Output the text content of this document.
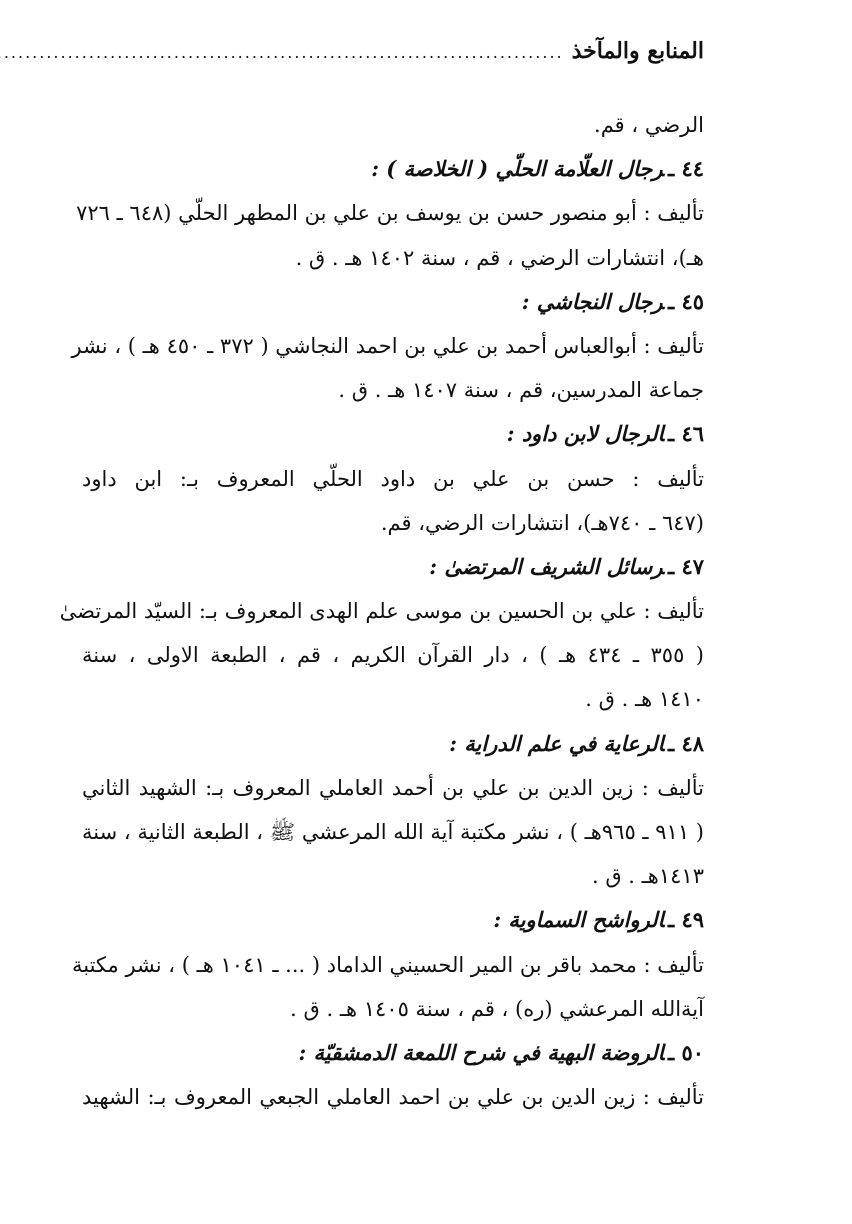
المنابع والمآخذ
.....
الرضي ، قم.
٤٤ ـرجال العلّامة الحلّي ( الخلاصة ) :
تأليف : أبو منصور حسن بن يوسف بن علي بن المطهر الحلّي (٦٤٨ ـ ٧٢٦
هـ)، انتشارات الرضي ، قم ، سنة ١٤٠٢ هـ . ق .
٤٥ ـرجال النجاشي :
تأليف : أبوالعباس أحمد بن علي بن احمد النجاشي ( ٣٧٢ ـ ٤٥٠ هـ ) ، نشر
جماعة المدرسين، قم ، سنة ١٤٠٧ هـ . ق .
٤٦ ـالرجال لابن داود :
تأليف : حسن بن علي بن داود الحلّي المعروف بـ: ابن داود
(٦٤٧ ـ ٧٤٠هـ)، انتشارات الرضي، قم.
٤٧ ـرسائل الشريف المرتضىٰ :
تأليف : علي بن الحسين بن موسى علم الهدى المعروف بـ: السيّد المرتضىٰ
( ٣٥٥ ـ ٤٣٤ هـ ) ، دار القرآن الكريم ، قم ، الطبعة الاولى ، سنة
١٤١٠ هـ . ق .
٤٨ ـالرعاية في علم الدراية :
تأليف : زين الدين بن علي بن أحمد العاملي المعروف بـ: الشهيد الثاني
( ٩١١ ـ ٩٦٥هـ ) ، نشر مكتبة آية الله المرعشي ﷺ ، الطبعة الثانية ، سنة
١٤١٣هـ . ق .
٤٩ ـالرواشح السماوية :
تأليف : محمد باقر بن المير الحسيني الداماد ( ... ـ ١٠٤١ هـ ) ، نشر مكتبة
آيةالله المرعشي (ره) ، قم ، سنة ١٤٠٥ هـ . ق .
٥٠ ـالروضة البهية في شرح اللمعة الدمشقيّة :
تأليف : زين الدين بن علي بن احمد العاملي الجبعي المعروف بـ: الشهيد
